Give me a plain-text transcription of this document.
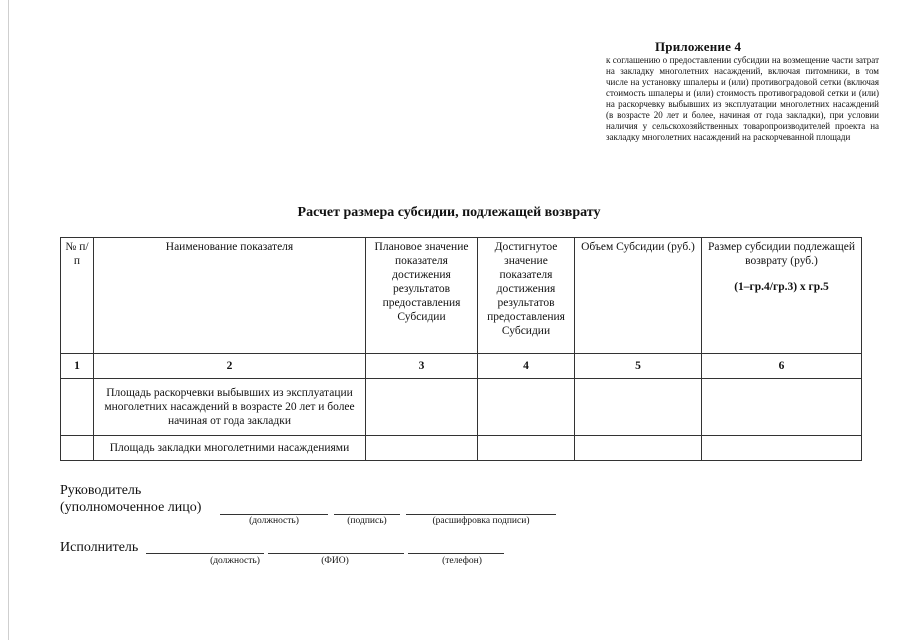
Приложение 4
к соглашению о предоставлении субсидии на возмещение части затрат на закладку многолетних насаждений, включая питомники, в том числе на установку шпалеры и (или) противоградовой сетки (включая стоимость шпалеры и (или) стоимость противоградовой сетки и (или) на раскорчевку выбывших из эксплуатации многолетних насаждений (в возрасте 20 лет и более, начиная от года закладки), при условии наличия у сельскохозяйственных товаропроизводителей проекта на закладку многолетних насаждений на раскорчеванной площади
Расчет размера субсидии, подлежащей возврату
№ п/п	Наименование показателя	Плановое значение показателя достижения результатов предоставления Субсидии	Достигнутое значение показателя достижения результатов предоставления Субсидии	Объем Субсидии (руб.)	Размер субсидии подлежащей возврату (руб.)
(1–гр.4/гр.3) х гр.5

1	2	3	4	5	6
	Площадь раскорчевки выбывших из эксплуатации многолетних насаждений в возрасте 20 лет и более начиная от года закладки				
	Площадь закладки многолетними насаждениями				
Руководитель
(уполномоченное лицо)
(должность)	(подпись)	(расшифровка подписи)
Исполнитель
(должность)	(ФИО)	(телефон)
